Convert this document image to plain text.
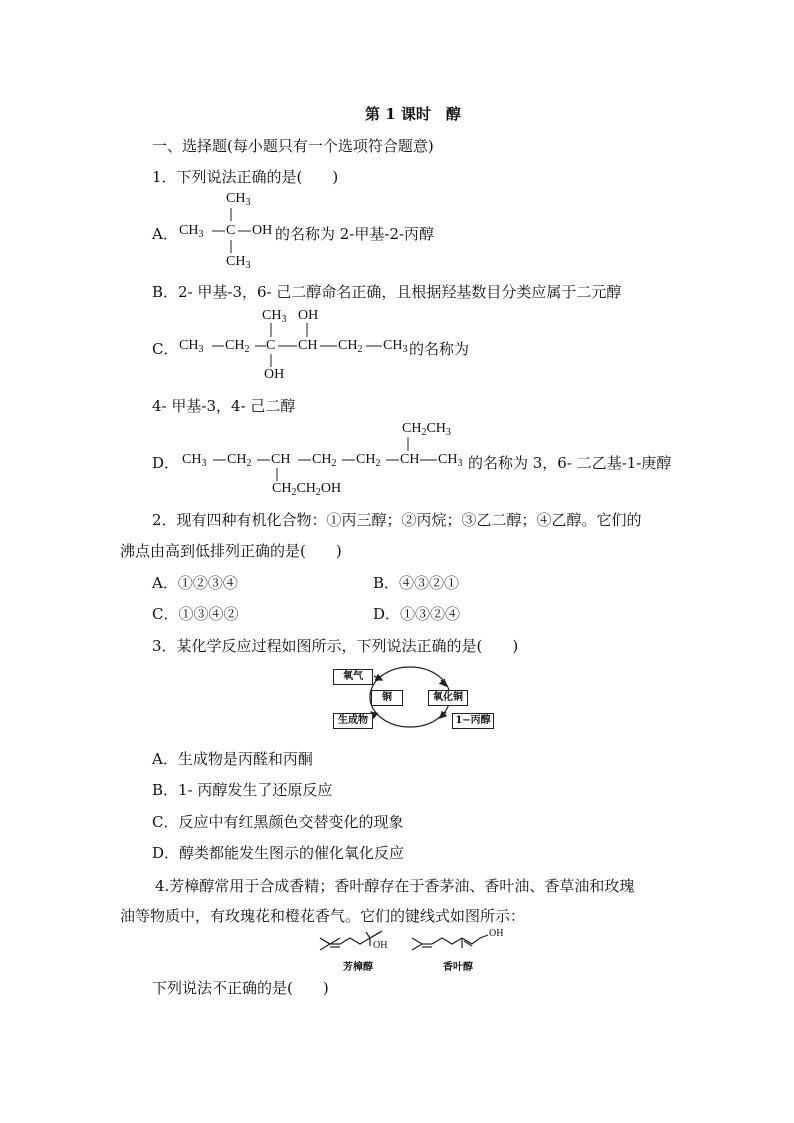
第 1 课时　醇
一、选择题(每小题只有一个选项符合题意)
1．下列说法正确的是(　　)
$CH_3$
A． $CH_3$ C OH 的名称为 2-甲基-2-丙醇
$CH_3$
B．2- 甲基-3，6- 己二醇命名正确，且根据羟基数目分类应属于二元醇
$CH_3$ OH
C． $CH_3$ $CH_2$ C CH $CH_2$ $CH_3$ 的名称为
OH
4- 甲基-3，4- 己二醇
$CH_2CH_3$
D． $CH_3$ $CH_2$ CH $CH_2$ $CH_2$ CH $CH_3$ 的名称为 3，6- 二乙基-1-庚醇
$CH_2CH_2OH$
2．现有四种有机化合物：①丙三醇；②丙烷；③乙二醇；④乙醇。它们的
沸点由高到低排列正确的是(　　)
A．①②③④	B．④③②①
C．①③④②	D．①③②④
3．某化学反应过程如图所示，下列说法正确的是(　　)
氧气
铜	氧化铜
生成物	1−丙醇
A．生成物是丙醛和丙酮
B．1- 丙醇发生了还原反应
C．反应中有红黑颜色交替变化的现象
D．醇类都能发生图示的催化氧化反应
4.芳樟醇常用于合成香精；香叶醇存在于香茅油、香叶油、香草油和玫瑰
油等物质中，有玫瑰花和橙花香气。它们的键线式如图所示：
OH
芳樟醇
OH
香叶醇
下列说法不正确的是(　　)
